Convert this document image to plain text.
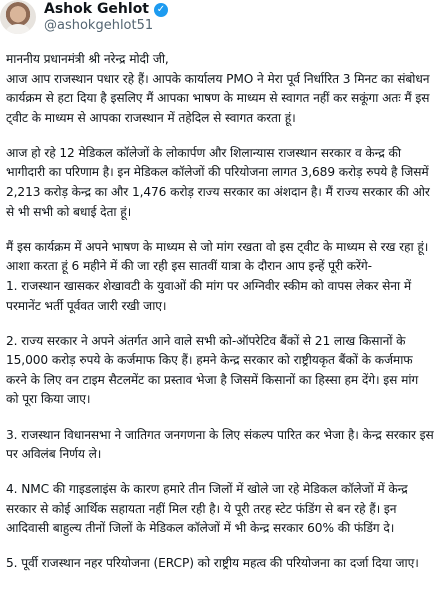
Ashok Gehlot ✓
@ashokgehlot51

माननीय प्रधानमंत्री श्री नरेन्द्र मोदी जी,
आज आप राजस्थान पधार रहे हैं। आपके कार्यालय PMO ने मेरा पूर्व निर्धारित 3 मिनट का संबोधन कार्यक्रम से हटा दिया है इसलिए मैं आपका भाषण के माध्यम से स्वागत नहीं कर सकूंगा अतः मैं इस ट्वीट के माध्यम से आपका राजस्थान में तहेदिल से स्वागत करता हूं।

आज हो रहे 12 मेडिकल कॉलेजों के लोकार्पण और शिलान्यास राजस्थान सरकार व केन्द्र की भागीदारी का परिणाम है। इन मेडिकल कॉलेजों की परियोजना लागत 3,689 करोड़ रुपये है जिसमें 2,213 करोड़ केन्द्र का और 1,476 करोड़ राज्य सरकार का अंशदान है। मैं राज्य सरकार की ओर से भी सभी को बधाई देता हूं।

मैं इस कार्यक्रम में अपने भाषण के माध्यम से जो मांग रखता वो इस ट्वीट के माध्यम से रख रहा हूं। आशा करता हूं 6 महीने में की जा रही इस सातवीं यात्रा के दौरान आप इन्हें पूरी करेंगे-
1. राजस्थान खासकर शेखावटी के युवाओं की मांग पर अग्निवीर स्कीम को वापस लेकर सेना में परमानेंट भर्ती पूर्ववत जारी रखी जाए।

2. राज्य सरकार ने अपने अंतर्गत आने वाले सभी को-ऑपरेटिव बैंकों से 21 लाख किसानों के 15,000 करोड़ रुपये के कर्जमाफ किए हैं। हमने केन्द्र सरकार को राष्ट्रीयकृत बैंकों के कर्जमाफ करने के लिए वन टाइम सैटलमेंट का प्रस्ताव भेजा है जिसमें किसानों का हिस्सा हम देंगे। इस मांग को पूरा किया जाए।

3. राजस्थान विधानसभा ने जातिगत जनगणना के लिए संकल्प पारित कर भेजा है। केन्द्र सरकार इस पर अविलंब निर्णय ले।

4. NMC की गाइडलाइंस के कारण हमारे तीन जिलों में खोले जा रहे मेडिकल कॉलेजों में केन्द्र सरकार से कोई आर्थिक सहायता नहीं मिल रही है। ये पूरी तरह स्टेट फंडिंग से बन रहे हैं। इन आदिवासी बाहुल्य तीनों जिलों के मेडिकल कॉलेजों में भी केन्द्र सरकार 60% की फंडिंग दे।

5. पूर्वी राजस्थान नहर परियोजना (ERCP) को राष्ट्रीय महत्व की परियोजना का दर्जा दिया जाए।
